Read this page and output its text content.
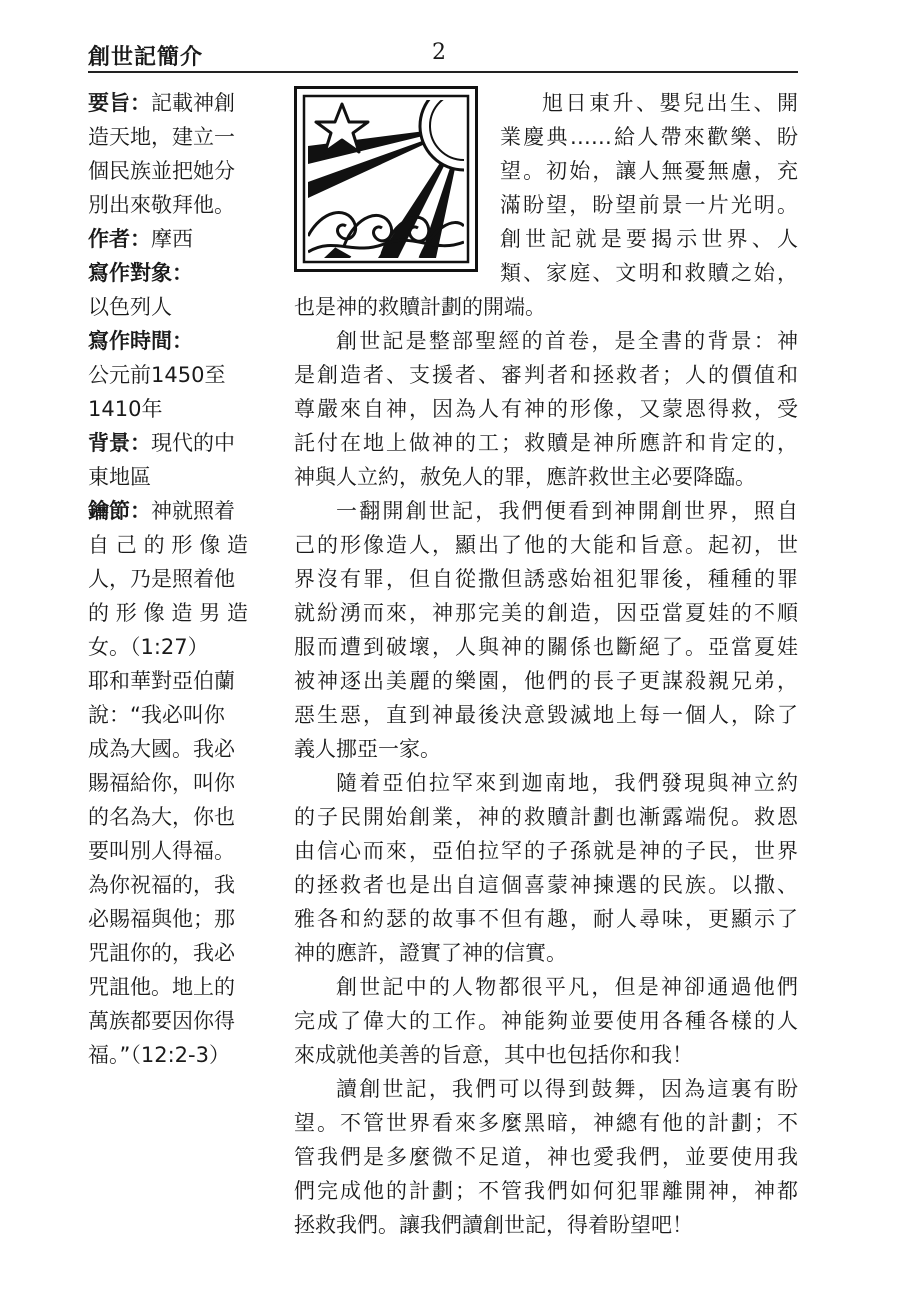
創世記簡介	2
要旨：記載神創
造天地，建立一
個民族並把她分
別出來敬拜他。
作者：摩西
寫作對象：
以色列人
寫作時間：
公元前1450至
1410年
背景：現代的中
東地區
鑰節：神就照着
自己的形像造
人，乃是照着他
的形像造男造
女。（1:27）
耶和華對亞伯蘭
說：“我必叫你
成為大國。我必
賜福給你，叫你
的名為大，你也
要叫別人得福。
為你祝福的，我
必賜福與他；那
咒詛你的，我必
咒詛他。地上的
萬族都要因你得
福。”（12:2-3）
旭日東升、嬰兒出生、開
業慶典……給人帶來歡樂、盼
望。初始，讓人無憂無慮，充
滿盼望，盼望前景一片光明。
創世記就是要揭示世界、人
類、家庭、文明和救贖之始，
也是神的救贖計劃的開端。
創世記是整部聖經的首卷，是全書的背景：神
是創造者、支援者、審判者和拯救者；人的價值和
尊嚴來自神，因為人有神的形像，又蒙恩得救，受
託付在地上做神的工；救贖是神所應許和肯定的，
神與人立約，赦免人的罪，應許救世主必要降臨。
一翻開創世記，我們便看到神開創世界，照自
己的形像造人，顯出了他的大能和旨意。起初，世
界沒有罪，但自從撒但誘惑始祖犯罪後，種種的罪
就紛湧而來，神那完美的創造，因亞當夏娃的不順
服而遭到破壞，人與神的關係也斷絕了。亞當夏娃
被神逐出美麗的樂園，他們的長子更謀殺親兄弟，
惡生惡，直到神最後決意毀滅地上每一個人，除了
義人挪亞一家。
隨着亞伯拉罕來到迦南地，我們發現與神立約
的子民開始創業，神的救贖計劃也漸露端倪。救恩
由信心而來，亞伯拉罕的子孫就是神的子民，世界
的拯救者也是出自這個喜蒙神揀選的民族。以撒、
雅各和約瑟的故事不但有趣，耐人尋味，更顯示了
神的應許，證實了神的信實。
創世記中的人物都很平凡，但是神卻通過他們
完成了偉大的工作。神能夠並要使用各種各樣的人
來成就他美善的旨意，其中也包括你和我！
讀創世記，我們可以得到鼓舞，因為這裏有盼
望。不管世界看來多麼黑暗，神總有他的計劃；不
管我們是多麼微不足道，神也愛我們，並要使用我
們完成他的計劃；不管我們如何犯罪離開神，神都
拯救我們。讓我們讀創世記，得着盼望吧！
